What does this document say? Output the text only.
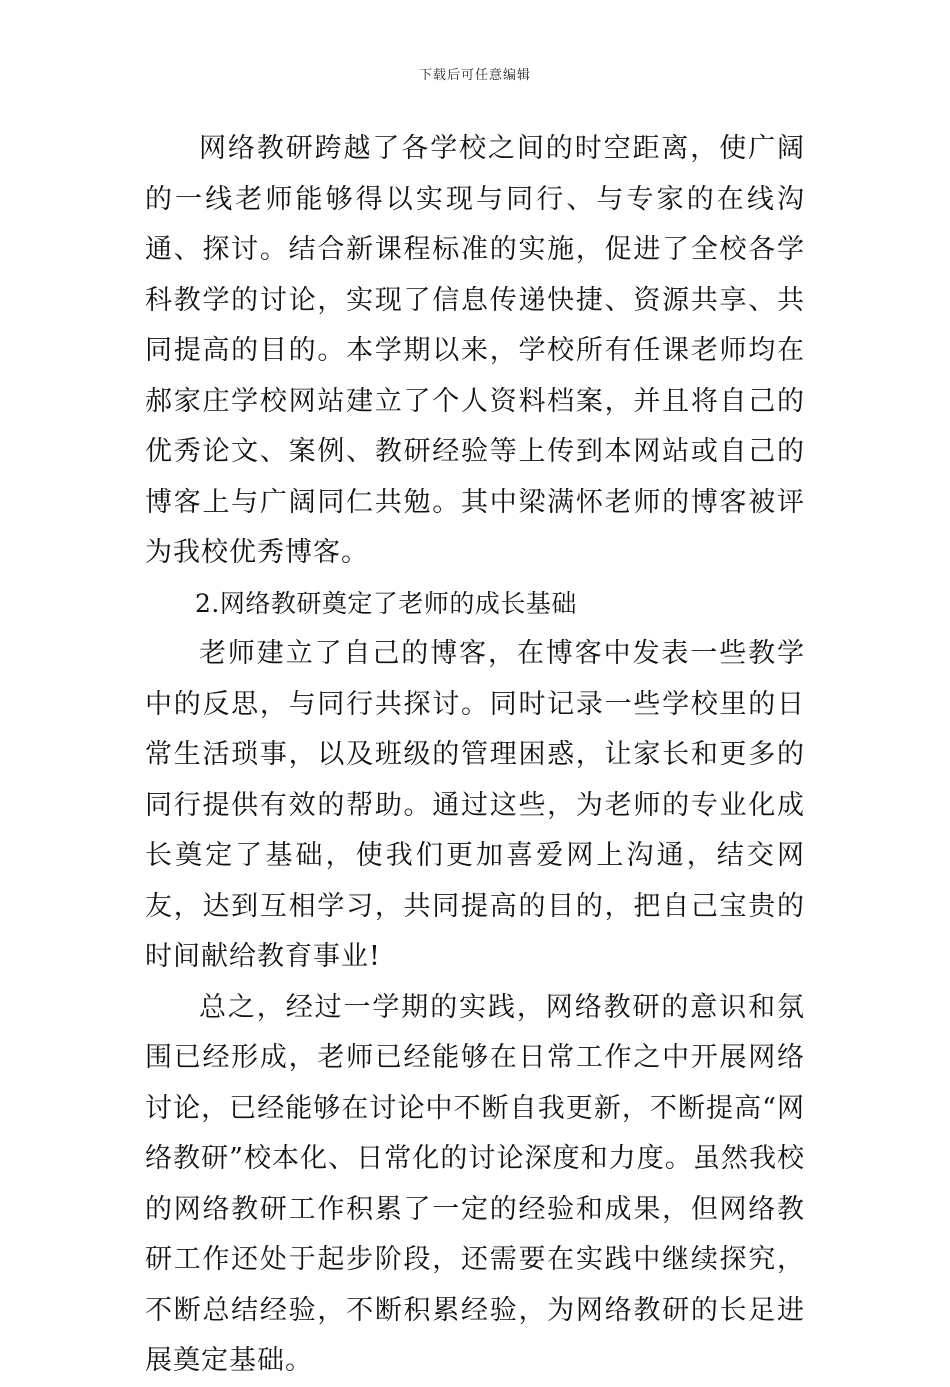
下载后可任意编辑

网络教研跨越了各学校之间的时空距离，使广阔的一线老师能够得以实现与同行、与专家的在线沟通、探讨。结合新课程标准的实施，促进了全校各学科教学的讨论，实现了信息传递快捷、资源共享、共同提高的目的。本学期以来，学校所有任课老师均在郝家庄学校网站建立了个人资料档案，并且将自己的优秀论文、案例、教研经验等上传到本网站或自己的博客上与广阔同仁共勉。其中梁满怀老师的博客被评为我校优秀博客。

2.网络教研奠定了老师的成长基础

老师建立了自己的博客，在博客中发表一些教学中的反思，与同行共探讨。同时记录一些学校里的日常生活琐事，以及班级的管理困惑，让家长和更多的同行提供有效的帮助。通过这些，为老师的专业化成长奠定了基础，使我们更加喜爱网上沟通，结交网友，达到互相学习，共同提高的目的，把自己宝贵的时间献给教育事业!

总之，经过一学期的实践，网络教研的意识和氛围已经形成，老师已经能够在日常工作之中开展网络讨论，已经能够在讨论中不断自我更新，不断提高“网络教研”校本化、日常化的讨论深度和力度。虽然我校的网络教研工作积累了一定的经验和成果，但网络教研工作还处于起步阶段，还需要在实践中继续探究，不断总结经验，不断积累经验，为网络教研的长足进展奠定基础。
